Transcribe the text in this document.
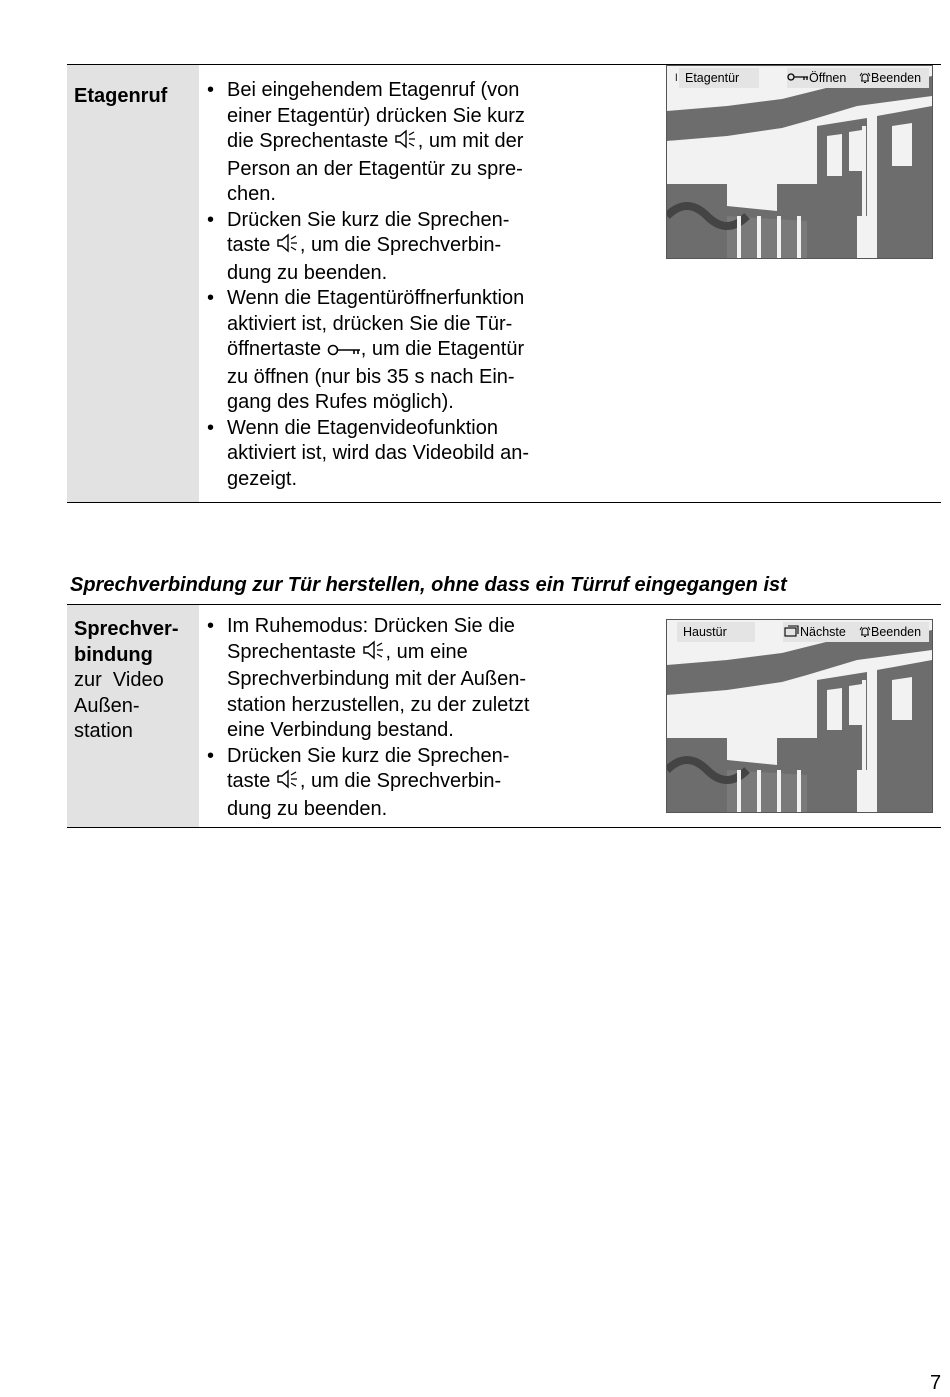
Etagenruf
•	Bei eingehendem Etagenruf (von
einer Etagentür) drücken Sie kurz
die Sprechentaste , um mit der
Person an der Etagentür zu spre-
chen.
• Drücken Sie kurz die Sprechen-
taste , um die Sprechverbin-
dung zu beenden.
• Wenn die Etagentüröffnerfunktion
aktiviert ist, drücken Sie die Tür-
öffnertaste , um die Etagentür
zu öffnen (nur bis 35 s nach Ein-
gang des Rufes möglich).
• Wenn die Etagenvideofunktion
aktiviert ist, wird das Videobild an-
gezeigt.
ǀ Etagentür	Öffnen	Beenden
Sprechverbindung zur Tür herstellen, ohne dass ein Türruf eingegangen ist
Sprechver-
bindung
zur  Video
Außen-
station
• Im Ruhemodus: Drücken Sie die
Sprechentaste , um eine
Sprechverbindung mit der Außen-
station herzustellen, zu der zuletzt
eine Verbindung bestand.
• Drücken Sie kurz die Sprechen-
taste , um die Sprechverbin-
dung zu beenden.
Haustür	Nächste	Beenden
7
